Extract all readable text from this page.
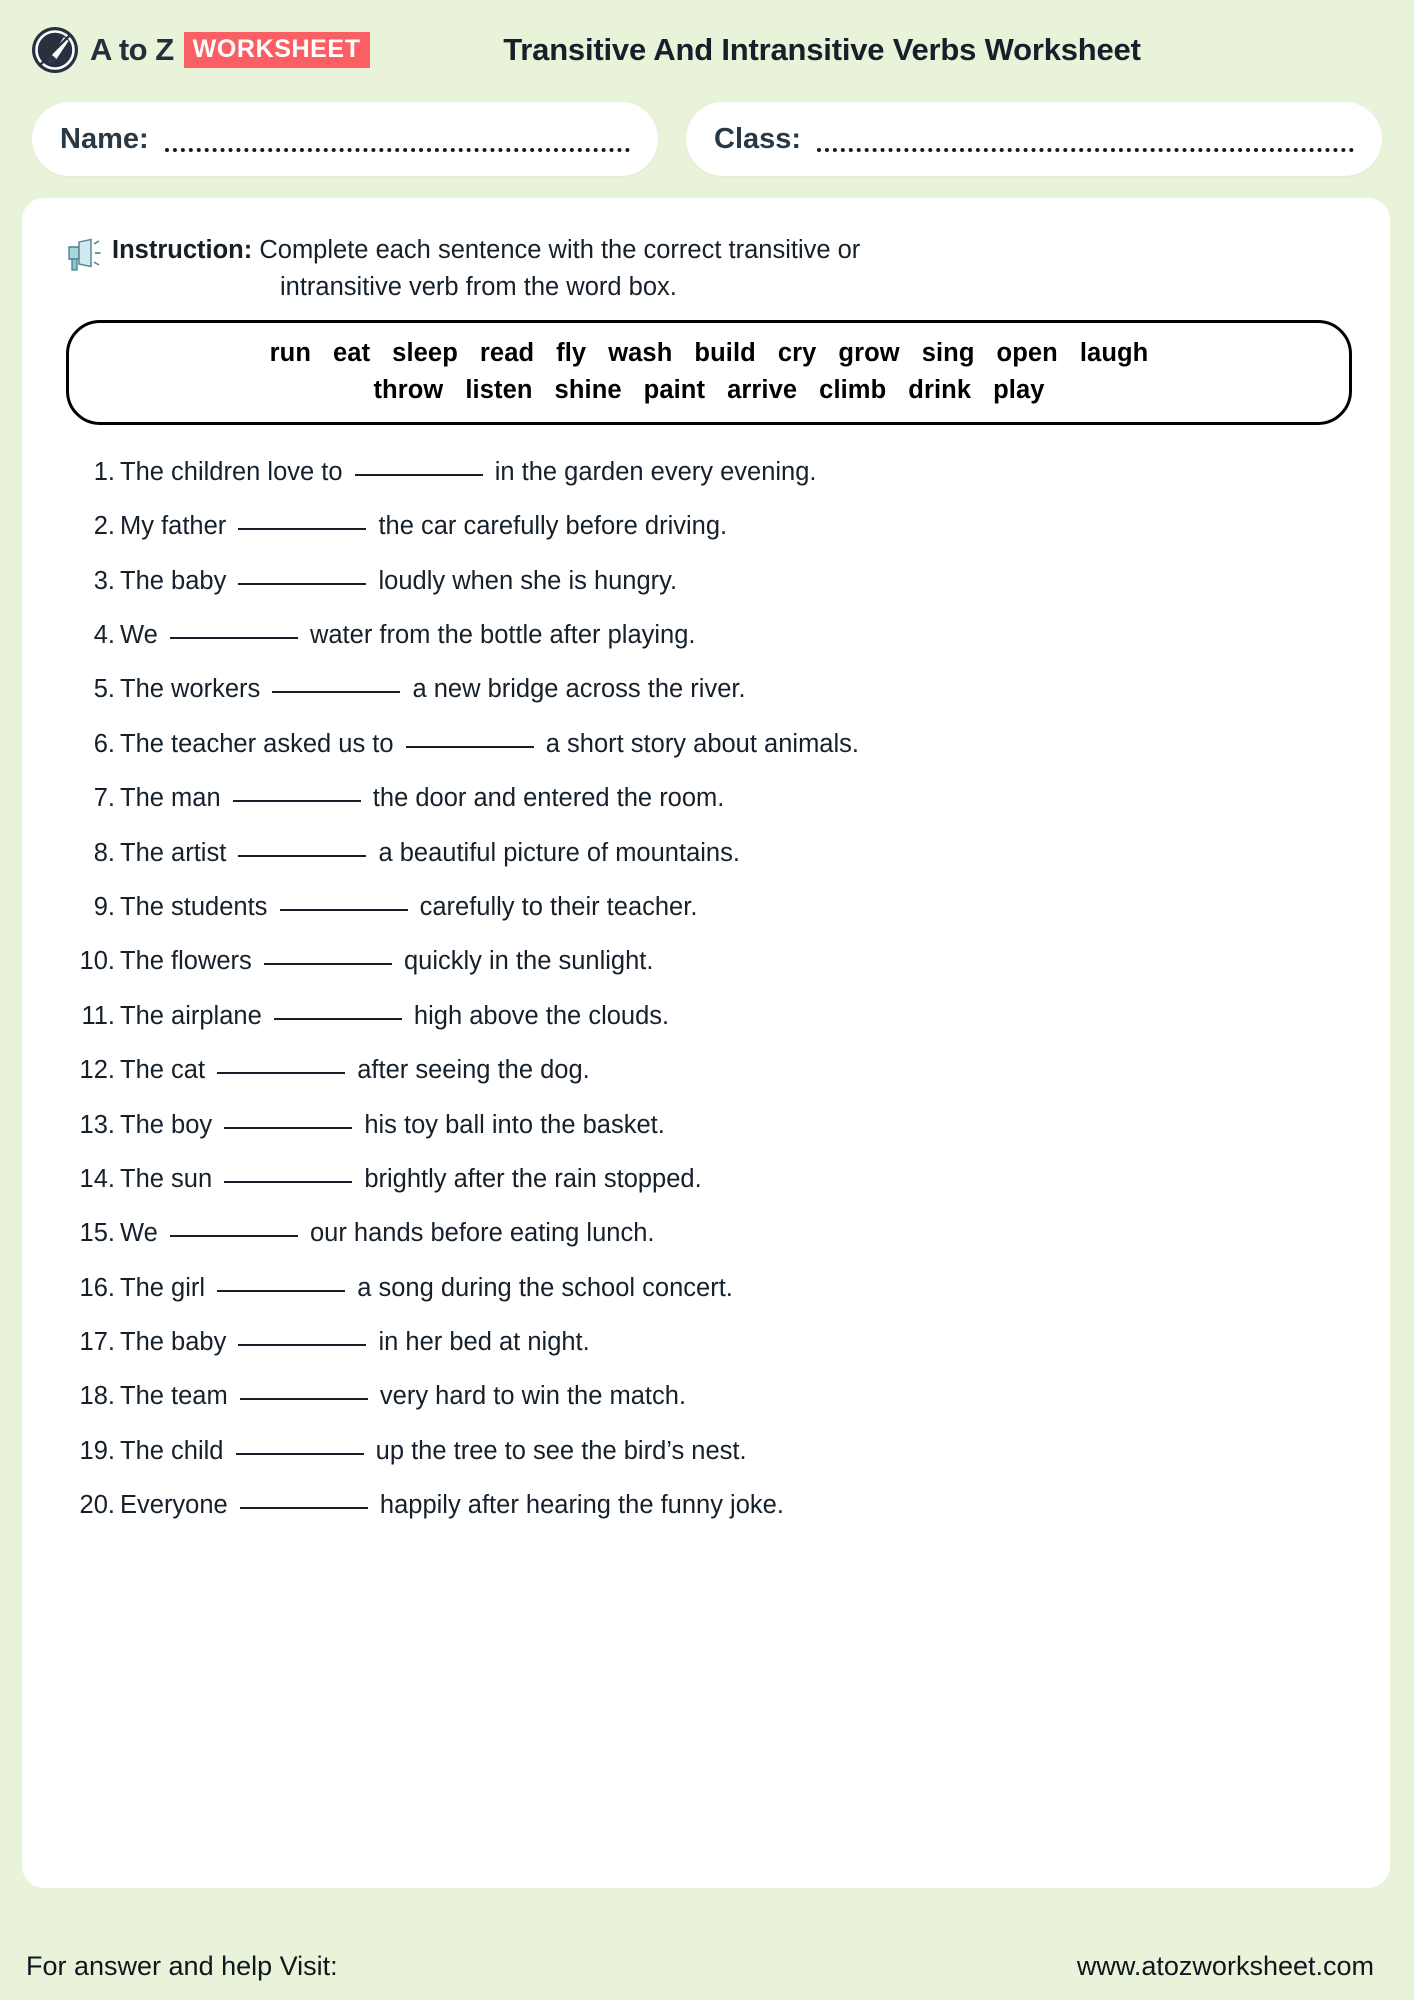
A to Z WORKSHEET	Transitive And Intransitive Verbs Worksheet
Name:	Class:
Instruction: Complete each sentence with the correct transitive or
intransitive verb from the word box.
run eat sleep read fly wash build cry grow sing open laugh
throw listen shine paint arrive climb drink play
1. The children love to	in the garden every evening.
2. My father	the car carefully before driving.
3. The baby	loudly when she is hungry.
4. We	water from the bottle after playing.
5. The workers	a new bridge across the river.
6. The teacher asked us to	a short story about animals.
7. The man	the door and entered the room.
8. The artist	a beautiful picture of mountains.
9. The students	carefully to their teacher.
10. The flowers	quickly in the sunlight.
11. The airplane	high above the clouds.
12. The cat	after seeing the dog.
13. The boy	his toy ball into the basket.
14. The sun	brightly after the rain stopped.
15. We	our hands before eating lunch.
16. The girl	a song during the school concert.
17. The baby	in her bed at night.
18. The team	very hard to win the match.
19. The child	up the tree to see the bird’s nest.
20. Everyone	happily after hearing the funny joke.
For answer and help Visit:	www.atozworksheet.com
